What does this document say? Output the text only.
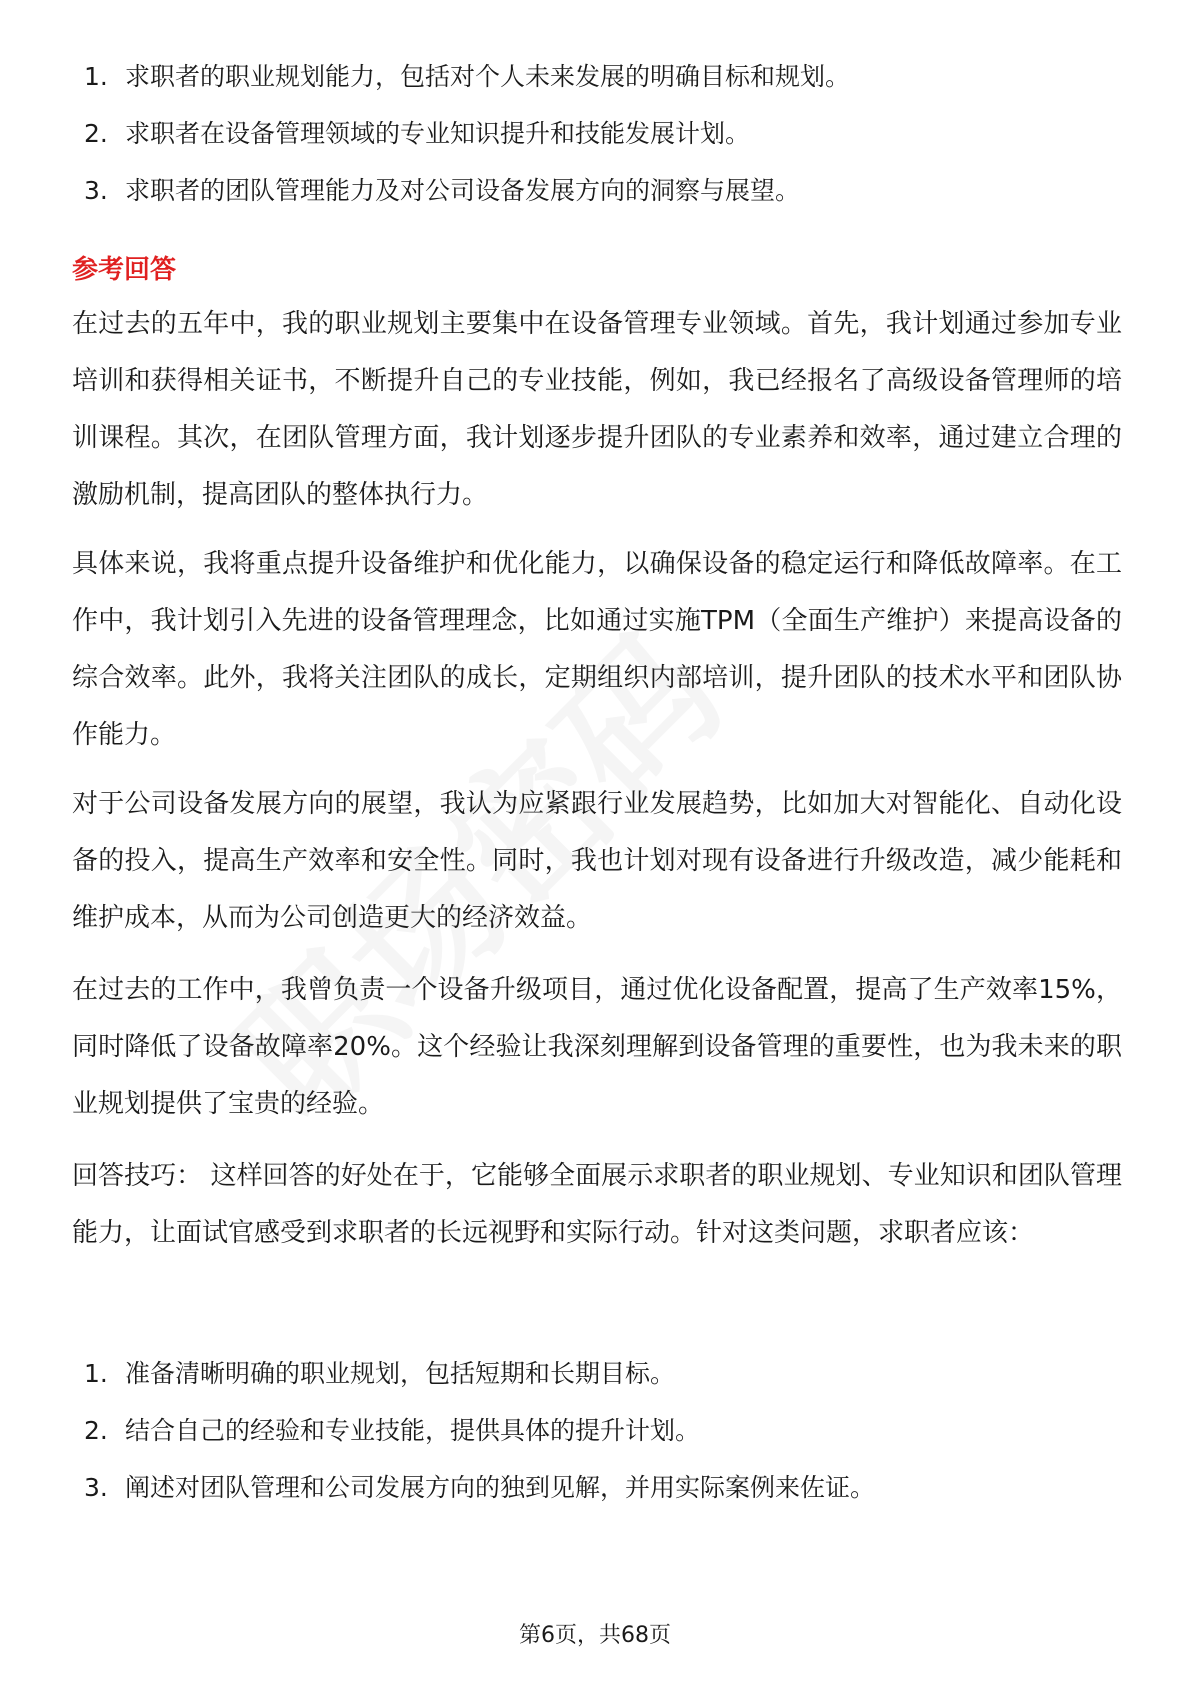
1. 求职者的职业规划能力，包括对个人未来发展的明确目标和规划。
2. 求职者在设备管理领域的专业知识提升和技能发展计划。
3. 求职者的团队管理能力及对公司设备发展方向的洞察与展望。
参考回答

在过去的五年中，我的职业规划主要集中在设备管理专业领域。首先，我计划通过参加专业培训和获得相关证书，不断提升自己的专业技能，例如，我已经报名了高级设备管理师的培训课程。其次，在团队管理方面，我计划逐步提升团队的专业素养和效率，通过建立合理的激励机制，提高团队的整体执行力。

具体来说，我将重点提升设备维护和优化能力，以确保设备的稳定运行和降低故障率。在工作中，我计划引入先进的设备管理理念，比如通过实施TPM（全面生产维护）来提高设备的综合效率。此外，我将关注团队的成长，定期组织内部培训，提升团队的技术水平和团队协作能力。

对于公司设备发展方向的展望，我认为应紧跟行业发展趋势，比如加大对智能化、自动化设备的投入，提高生产效率和安全性。同时，我也计划对现有设备进行升级改造，减少能耗和维护成本，从而为公司创造更大的经济效益。

在过去的工作中，我曾负责一个设备升级项目，通过优化设备配置，提高了生产效率15%，同时降低了设备故障率20%。这个经验让我深刻理解到设备管理的重要性，也为我未来的职业规划提供了宝贵的经验。

回答技巧： 这样回答的好处在于，它能够全面展示求职者的职业规划、专业知识和团队管理能力，让面试官感受到求职者的长远视野和实际行动。针对这类问题，求职者应该：

1. 准备清晰明确的职业规划，包括短期和长期目标。
2. 结合自己的经验和专业技能，提供具体的提升计划。
3. 阐述对团队管理和公司发展方向的独到见解，并用实际案例来佐证。
第6页，共68页
